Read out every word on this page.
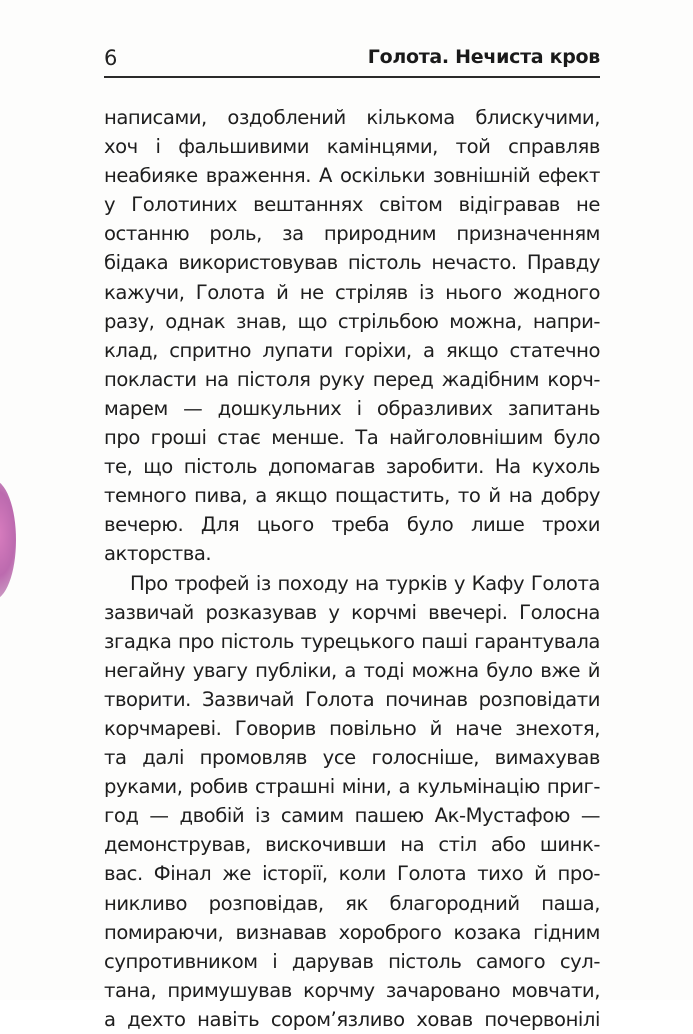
6	Голота. Нечиста кров
написами, оздоблений кількома блискучими,
хоч і фальшивими камінцями, той справляв
неабияке враження. А оскільки зовнішній ефект
у Голотиних вештаннях світом відігравав не
останню роль, за природним призначенням
бідака використовував пістоль нечасто. Правду
кажучи, Голота й не стріляв із нього жодного
разу, однак знав, що стрільбою можна, напри-
клад, спритно лупати горіхи, а якщо статечно
покласти на пістоля руку перед жадібним корч-
марем — дошкульних і образливих запитань
про гроші стає менше. Та найголовнішим було
те, що пістоль допомагав заробити. На кухоль
темного пива, а якщо пощастить, то й на добру
вечерю. Для цього треба було лише трохи
акторства.
Про трофей із походу на турків у Кафу Голота
зазвичай розказував у корчмі ввечері. Голосна
згадка про пістоль турецького паші гарантувала
негайну увагу публіки, а тоді можна було вже й
творити. Зазвичай Голота починав розповідати
корчмареві. Говорив повільно й наче знехотя,
та далі промовляв усе голосніше, вимахував
руками, робив страшні міни, а кульмінацію приг-
год — двобій із самим пашею Ак-Мустафою —
демонстрував, вискочивши на стіл або шинк-
вас. Фінал же історії, коли Голота тихо й про-
никливо розповідав, як благородний паша,
помираючи, визнавав хороброго козака гідним
супротивником і дарував пістоль самого сул-
тана, примушував корчму зачаровано мовчати,
а дехто навіть сором’язливо ховав почервонілі
